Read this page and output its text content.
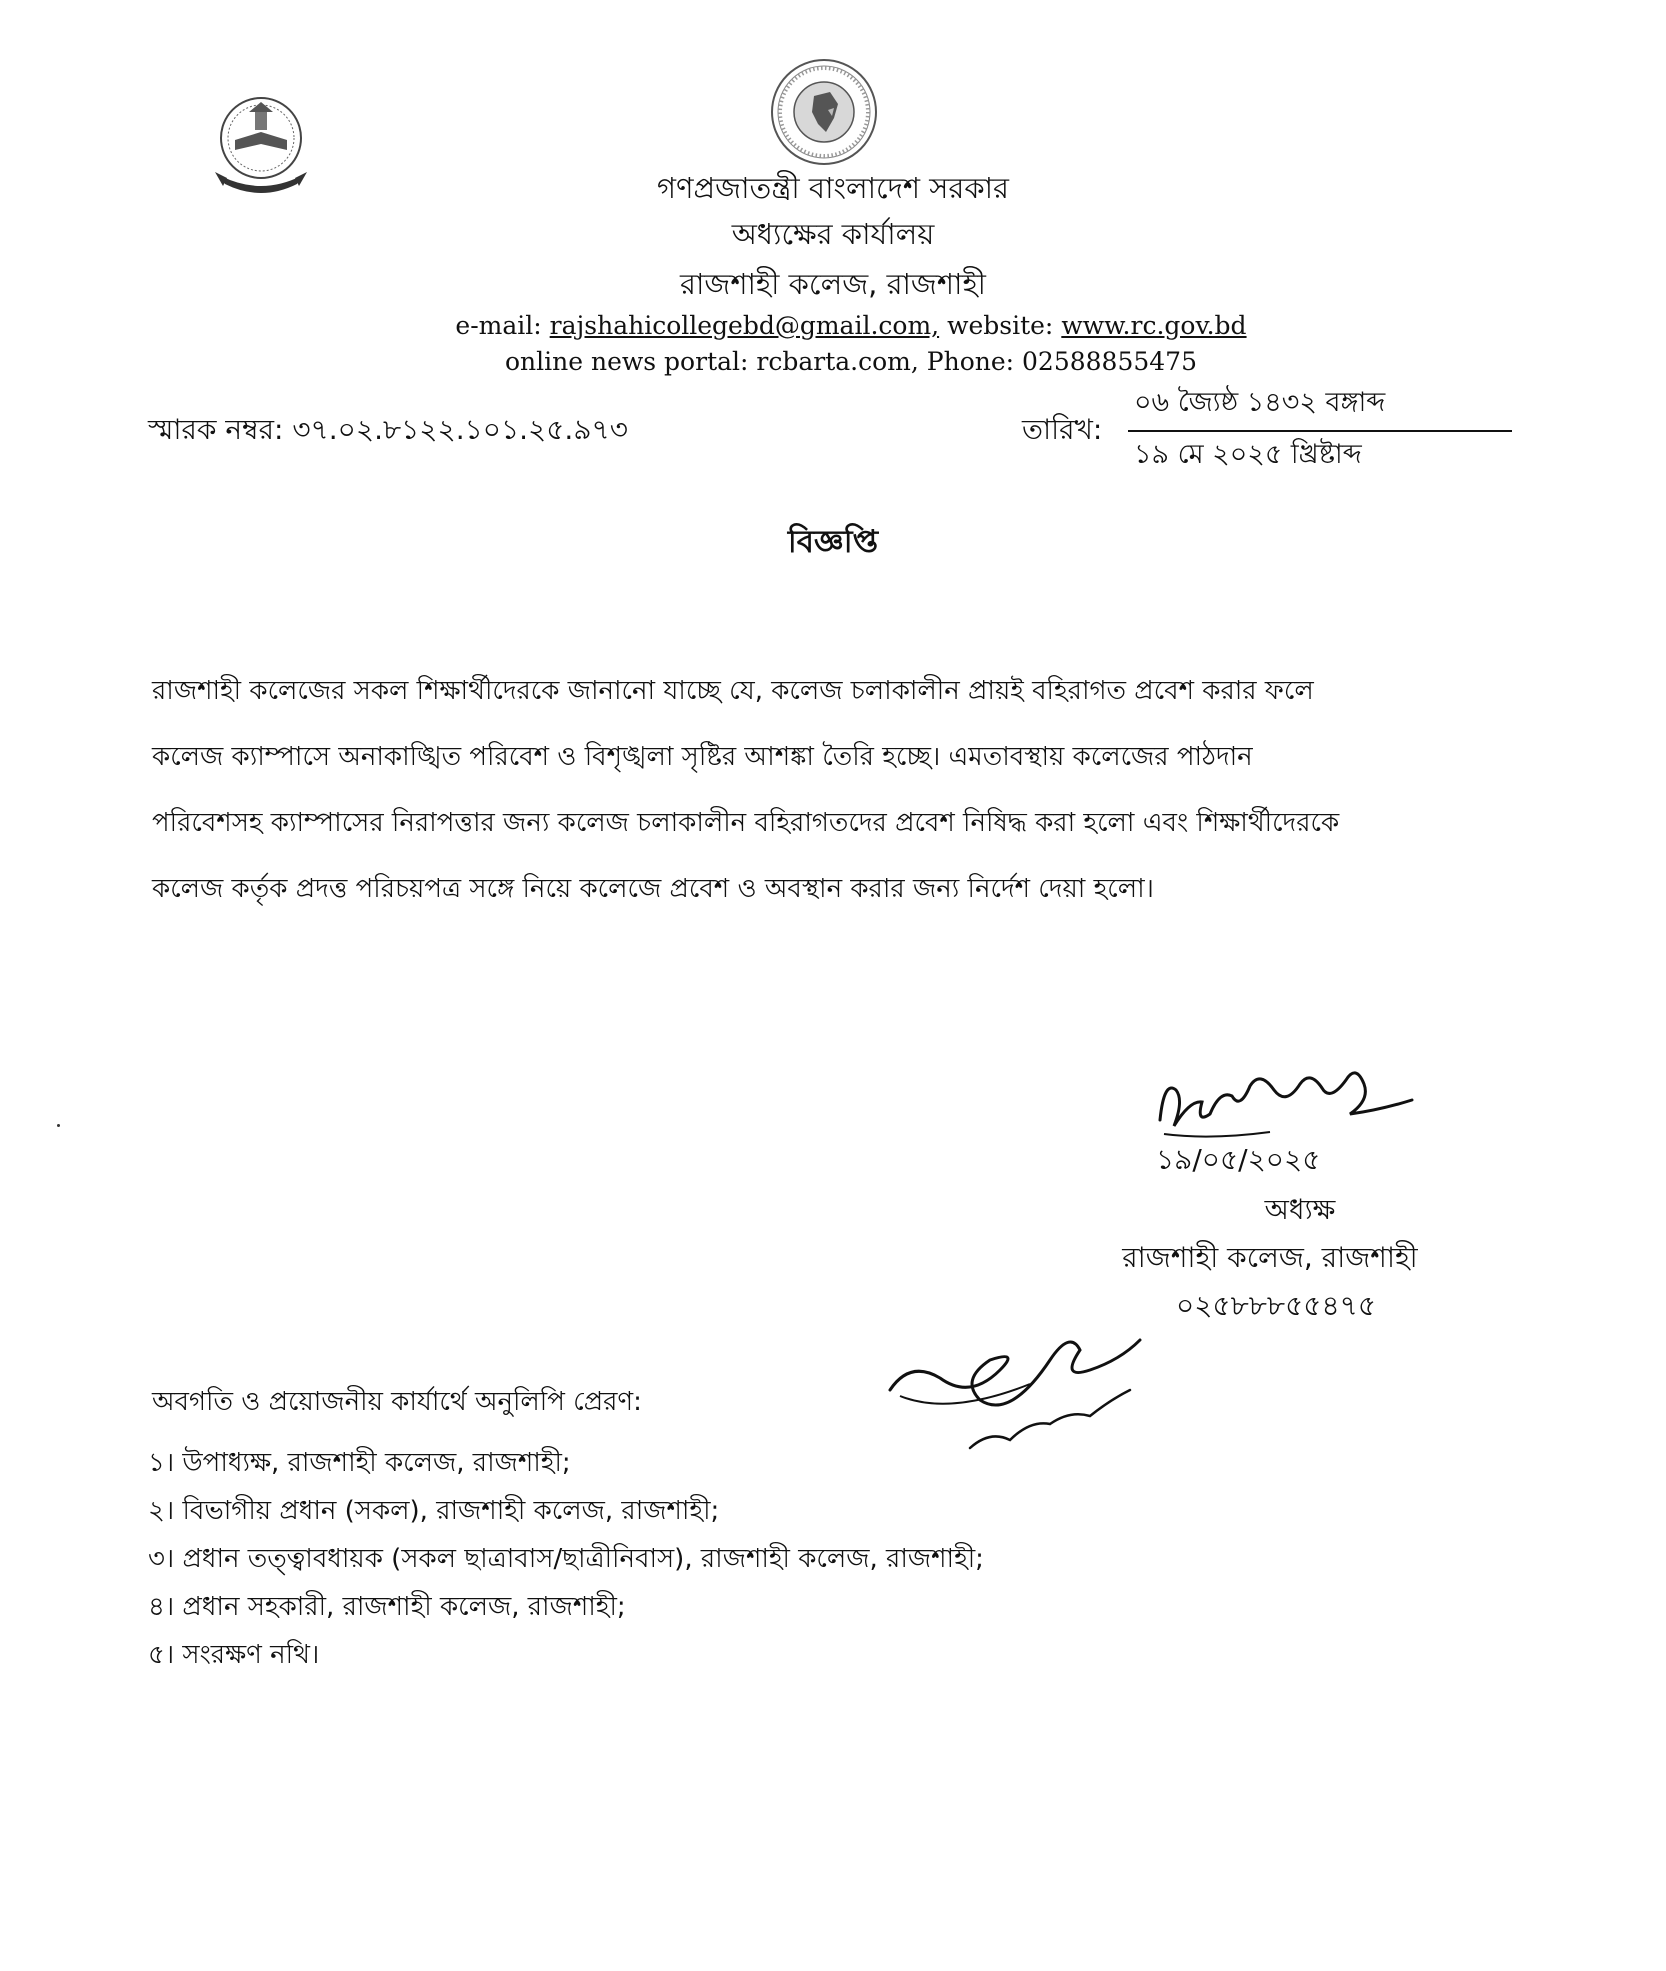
গণপ্রজাতন্ত্রী বাংলাদেশ সরকার
অধ্যক্ষের কার্যালয়
রাজশাহী কলেজ, রাজশাহী
e-mail: rajshahicollegebd@gmail.com, website: www.rc.gov.bd
online news portal: rcbarta.com, Phone: 02588855475
স্মারক নম্বর: ৩৭.০২.৮১২২.১০১.২৫.৯৭৩	তারিখ:
০৬ জ্যৈষ্ঠ ১৪৩২ বঙ্গাব্দ
১৯ মে ২০২৫ খ্রিষ্টাব্দ
বিজ্ঞপ্তি
রাজশাহী কলেজের সকল শিক্ষার্থীদেরকে জানানো যাচ্ছে যে, কলেজ চলাকালীন প্রায়ই বহিরাগত প্রবেশ করার ফলে
কলেজ ক্যাম্পাসে অনাকাঙ্খিত পরিবেশ ও বিশৃঙ্খলা সৃষ্টির আশঙ্কা তৈরি হচ্ছে। এমতাবস্থায় কলেজের পাঠদান
পরিবেশসহ ক্যাম্পাসের নিরাপত্তার জন্য কলেজ চলাকালীন বহিরাগতদের প্রবেশ নিষিদ্ধ করা হলো এবং শিক্ষার্থীদেরকে
কলেজ কর্তৃক প্রদত্ত পরিচয়পত্র সঙ্গে নিয়ে কলেজে প্রবেশ ও অবস্থান করার জন্য নির্দেশ দেয়া হলো।
১৯/০৫/২০২৫
অধ্যক্ষ
রাজশাহী কলেজ, রাজশাহী
০২৫৮৮৮৫৫৪৭৫
অবগতি ও প্রয়োজনীয় কার্যার্থে অনুলিপি প্রেরণ:
১। উপাধ্যক্ষ, রাজশাহী কলেজ, রাজশাহী;
২। বিভাগীয় প্রধান (সকল), রাজশাহী কলেজ, রাজশাহী;
৩। প্রধান তত্ত্বাবধায়ক (সকল ছাত্রাবাস/ছাত্রীনিবাস), রাজশাহী কলেজ, রাজশাহী;
৪। প্রধান সহকারী, রাজশাহী কলেজ, রাজশাহী;
৫। সংরক্ষণ নথি।
